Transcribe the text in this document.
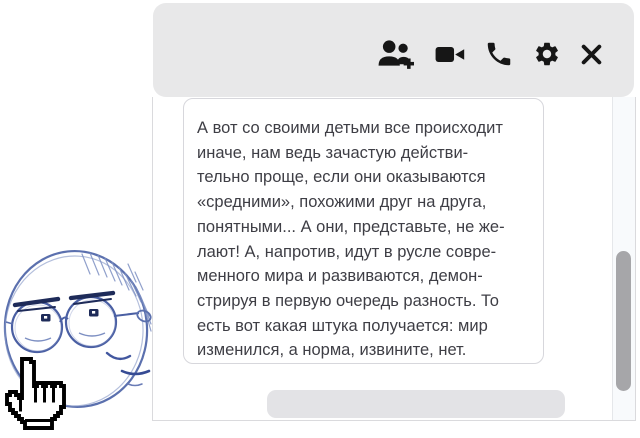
А вот со своими детьми все происходит
иначе, нам ведь зачастую действи-
тельно проще, если они оказываются
«средними», похожими друг на друга,
понятными... А они, представьте, не же-
лают! А, напротив, идут в русле совре-
менного мира и развиваются, демон-
стрируя в первую очередь разность. То
есть вот какая штука получается: мир
изменился, а норма, извините, нет.
